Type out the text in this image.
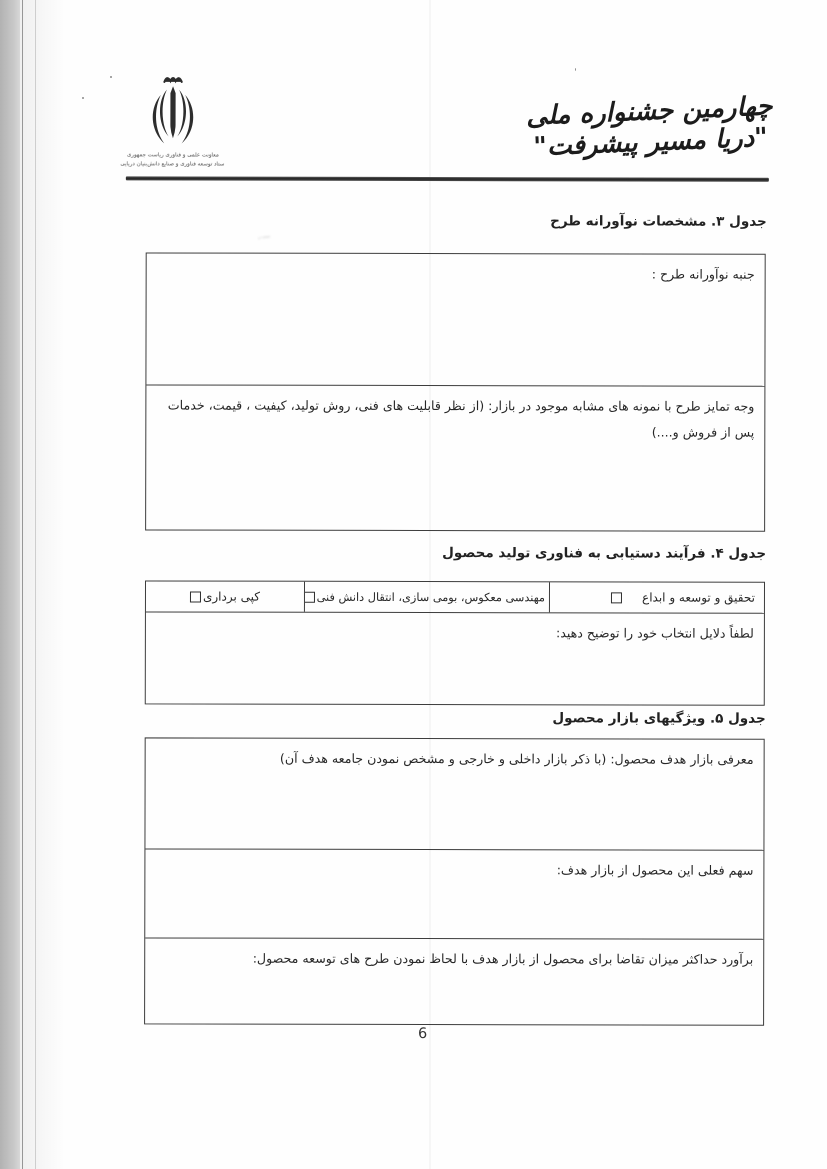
ـــ.,
معاونت علمی و فناوری ریاست جمهوری
ستاد توسعه فناوری و صنایع دانش‌بنیان دریایی
چهارمین جشنواره ملی "دریا مسیر پیشرفت"
جدول ۳. مشخصات نوآورانه طرح
جنبه نوآورانه طرح :
وجه تمایز طرح با نمونه های مشابه موجود در بازار: (از نظر قابلیت های فنی، روش تولید، کیفیت ، قیمت، خدمات پس از فروش و....)
جدول ۴. فرآیند دستیابی به فناوری تولید محصول
تحقیق و توسعه و ابداع
مهندسی معکوس، بومی سازی، انتقال دانش فنی
کپی برداری
لطفاً دلایل انتخاب خود را توضیح دهید:
جدول ۵. ویژگیهای بازار محصول
معرفی بازار هدف محصول: (با ذکر بازار داخلی و خارجی و مشخص نمودن جامعه هدف آن)
سهم فعلی این محصول از بازار هدف:
برآورد حداکثر میزان تقاضا برای محصول از بازار هدف با لحاظ نمودن طرح های توسعه محصول:
6
